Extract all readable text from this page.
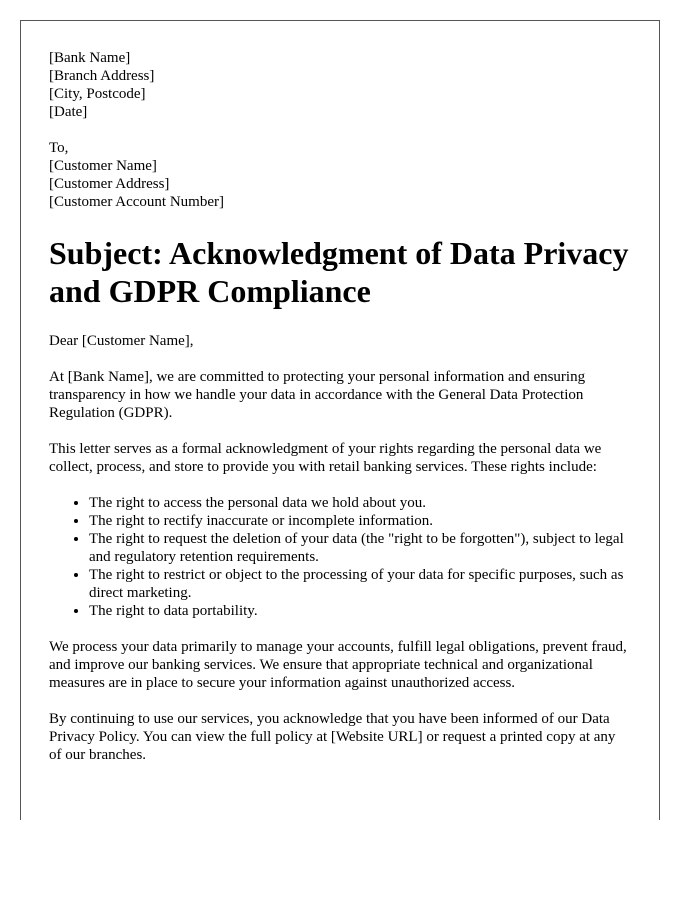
[Bank Name]

[Branch Address]

[City, Postcode]

[Date]

To,

[Customer Name]

[Customer Address]

[Customer Account Number]

Subject: Acknowledgment of Data Privacy and GDPR Compliance

Dear [Customer Name],

At [Bank Name], we are committed to protecting your personal information and ensuring transparency in how we handle your data in accordance with the General Data Protection Regulation (GDPR).

This letter serves as a formal acknowledgment of your rights regarding the personal data we collect, process, and store to provide you with retail banking services. These rights include:

• The right to access the personal data we hold about you.
• The right to rectify inaccurate or incomplete information.
• The right to request the deletion of your data (the "right to be forgotten"), subject to legal and regulatory retention requirements.
• The right to restrict or object to the processing of your data for specific purposes, such as direct marketing.
• The right to data portability.

We process your data primarily to manage your accounts, fulfill legal obligations, prevent fraud, and improve our banking services. We ensure that appropriate technical and organizational measures are in place to secure your information against unauthorized access.

By continuing to use our services, you acknowledge that you have been informed of our Data Privacy Policy. You can view the full policy at [Website URL] or request a printed copy at any of our branches.
